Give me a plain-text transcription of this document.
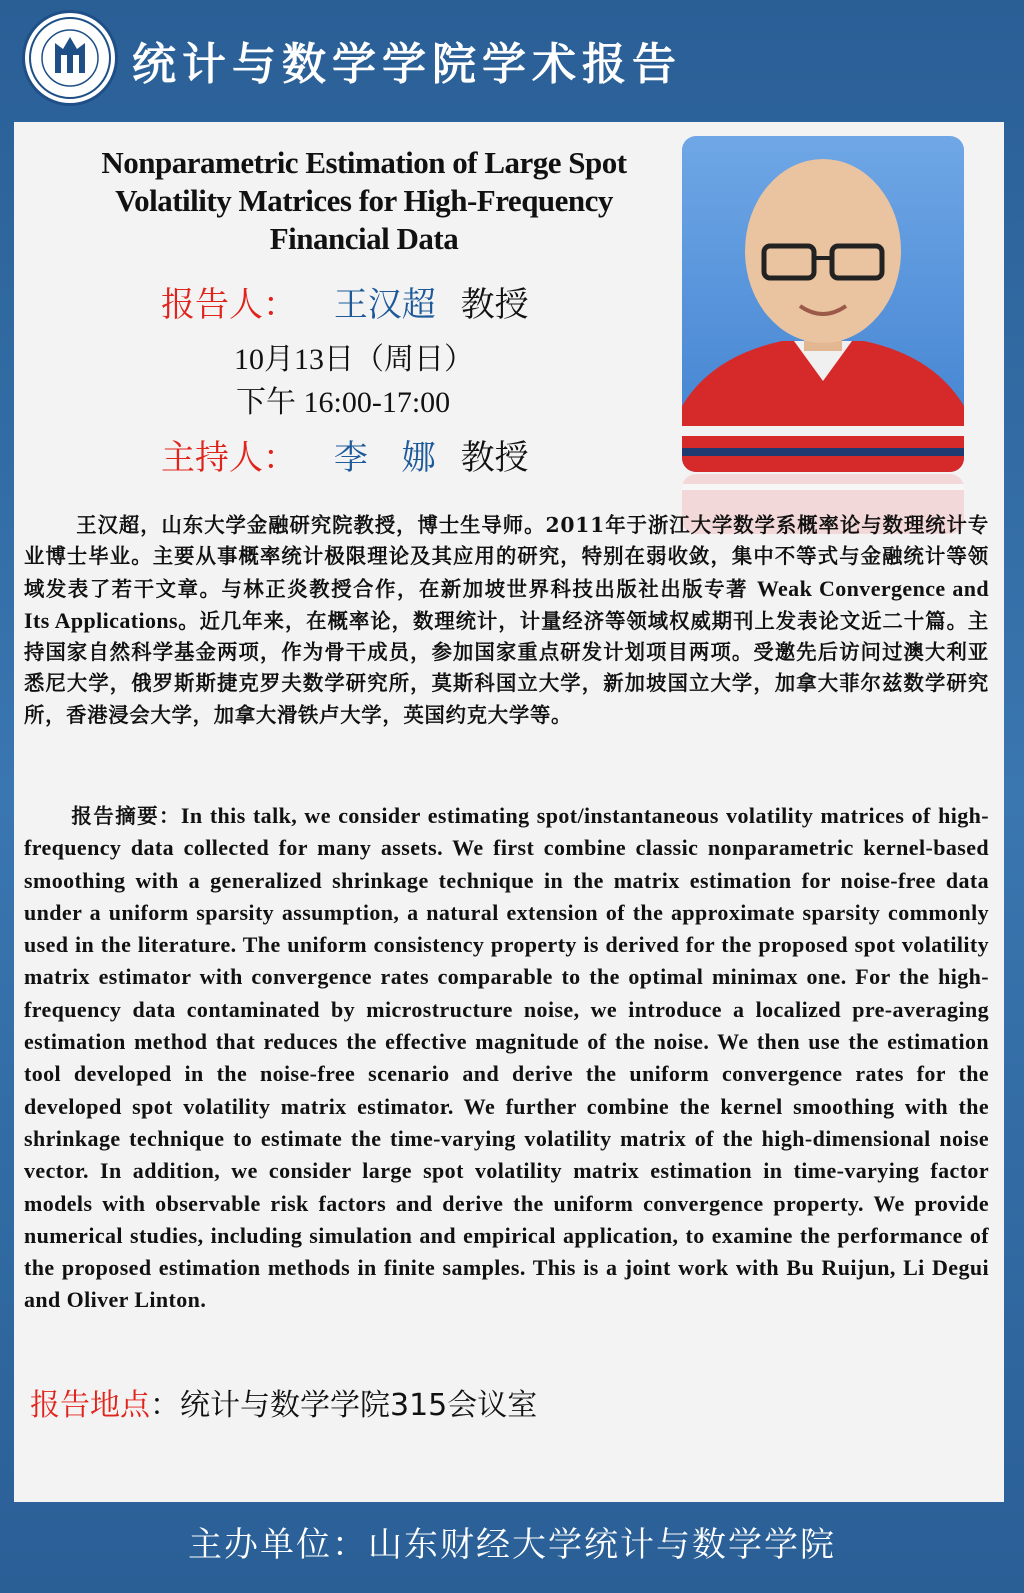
统计与数学学院学术报告
Nonparametric Estimation of Large Spot Volatility Matrices for High-Frequency Financial Data
报告人： 王汉超 教授
10月13日（周日）
下午 16:00-17:00
主持人： 李　娜 教授
王汉超，山东大学金融研究院教授，博士生导师。2011年于浙江大学数学系概率论与数理统计专业博士毕业。主要从事概率统计极限理论及其应用的研究，特别在弱收敛，集中不等式与金融统计等领域发表了若干文章。与林正炎教授合作，在新加坡世界科技出版社出版专著 Weak Convergence and Its Applications。近几年来，在概率论，数理统计，计量经济等领域权威期刊上发表论文近二十篇。主持国家自然科学基金两项，作为骨干成员，参加国家重点研发计划项目两项。受邀先后访问过澳大利亚悉尼大学，俄罗斯斯捷克罗夫数学研究所，莫斯科国立大学，新加坡国立大学，加拿大菲尔兹数学研究所，香港浸会大学，加拿大滑铁卢大学，英国约克大学等。
报告摘要：In this talk, we consider estimating spot/instantaneous volatility matrices of high-frequency data collected for many assets. We first combine classic nonparametric kernel-based smoothing with a generalized shrinkage technique in the matrix estimation for noise-free data under a uniform sparsity assumption, a natural extension of the approximate sparsity commonly used in the literature. The uniform consistency property is derived for the proposed spot volatility matrix estimator with convergence rates comparable to the optimal minimax one. For the high-frequency data contaminated by microstructure noise, we introduce a localized pre-averaging estimation method that reduces the effective magnitude of the noise. We then use the estimation tool developed in the noise-free scenario and derive the uniform convergence rates for the developed spot volatility matrix estimator. We further combine the kernel smoothing with the shrinkage technique to estimate the time-varying volatility matrix of the high-dimensional noise vector. In addition, we consider large spot volatility matrix estimation in time-varying factor models with observable risk factors and derive the uniform convergence property. We provide numerical studies, including simulation and empirical application, to examine the performance of the proposed estimation methods in finite samples. This is a joint work with Bu Ruijun, Li Degui and Oliver Linton.
报告地点：统计与数学学院315会议室
主办单位：山东财经大学统计与数学学院
